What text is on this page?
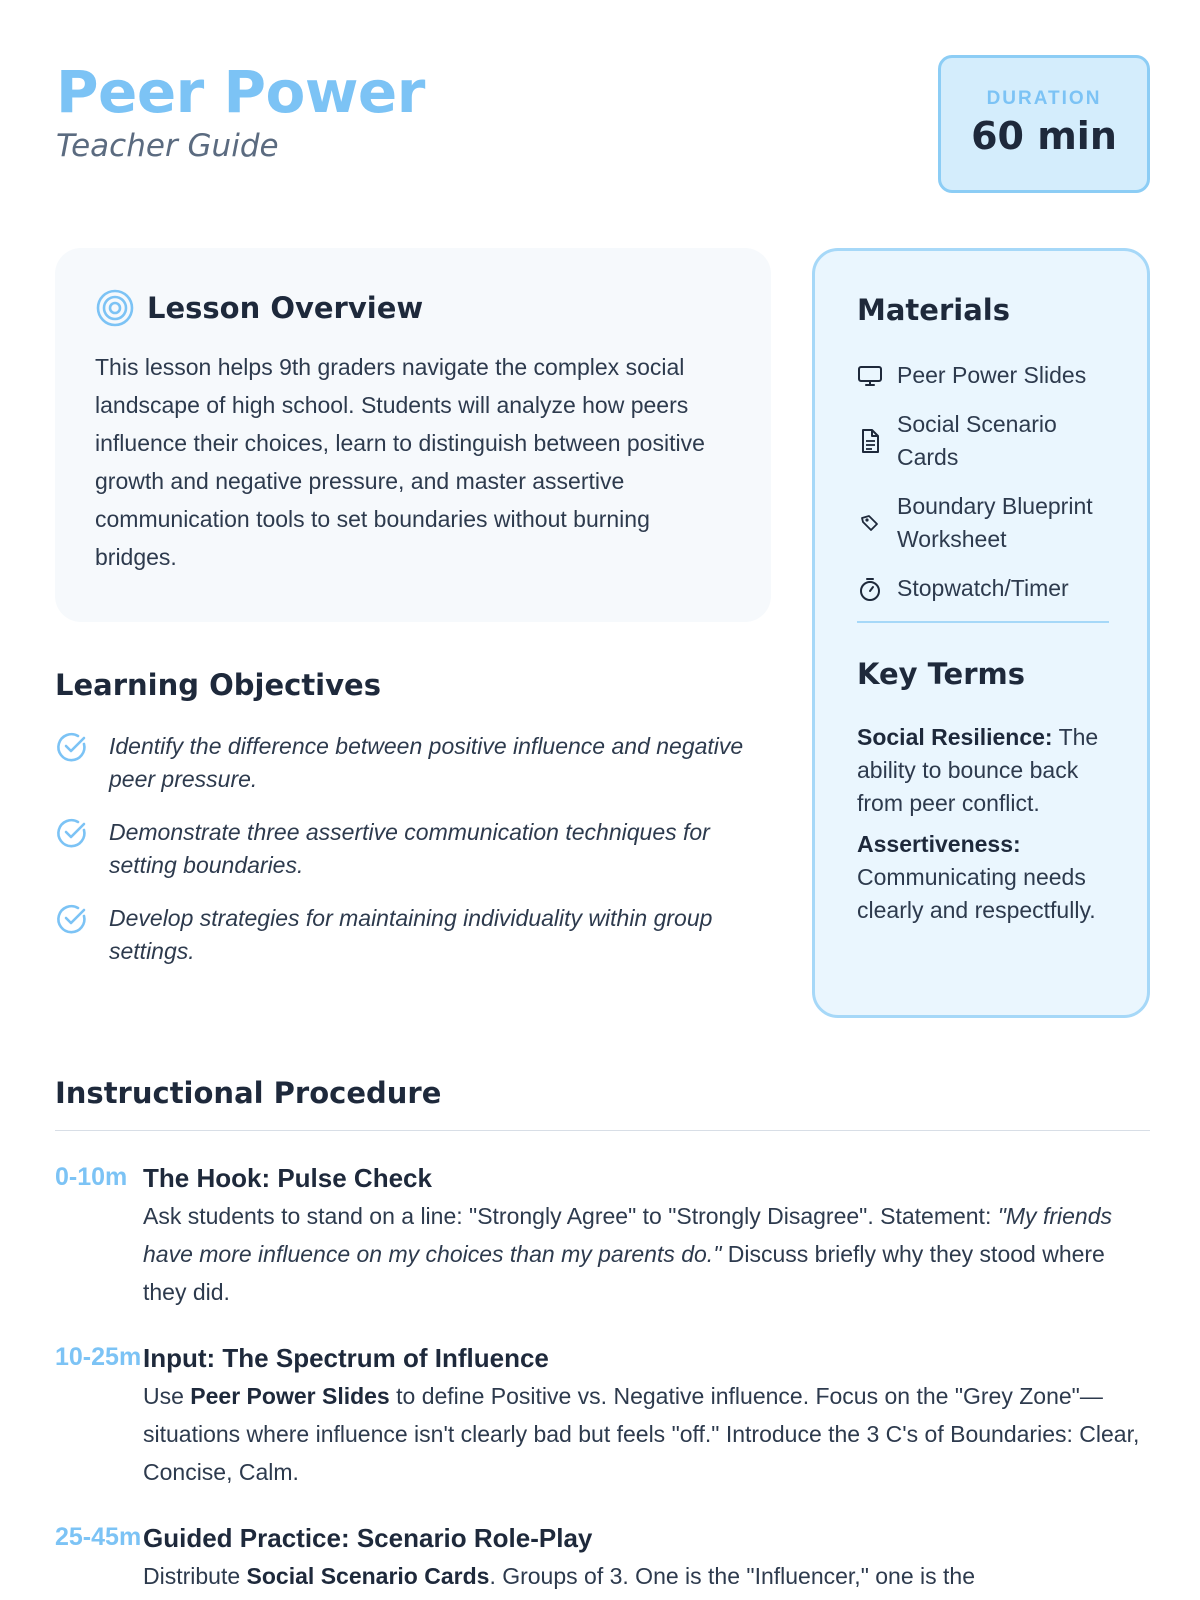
Peer Power
Teacher Guide
DURATION
60 min
Lesson Overview

This lesson helps 9th graders navigate the complex social landscape of high school. Students will analyze how peers influence their choices, learn to distinguish between positive growth and negative pressure, and master assertive communication tools to set boundaries without burning bridges.

Materials
Peer Power Slides
Social Scenario Cards
Boundary Blueprint Worksheet
Stopwatch/Timer
Key Terms

Social Resilience: The ability to bounce back from peer conflict.

Assertiveness: Communicating needs clearly and respectfully.

Learning Objectives
Identify the difference between positive influence and negative peer pressure.
Demonstrate three assertive communication techniques for setting boundaries.
Develop strategies for maintaining individuality within group settings.
Instructional Procedure
0-10m The Hook: Pulse Check

Ask students to stand on a line: "Strongly Agree" to "Strongly Disagree". Statement: "My friends have more influence on my choices than my parents do." Discuss briefly why they stood where they did.

10-25m Input: The Spectrum of Influence

Use Peer Power Slides to define Positive vs. Negative influence. Focus on the "Grey Zone"—situations where influence isn't clearly bad but feels "off." Introduce the 3 C's of Boundaries: Clear, Concise, Calm.

25-45m Guided Practice: Scenario Role-Play

Distribute Social Scenario Cards. Groups of 3. One is the "Influencer," one is the
